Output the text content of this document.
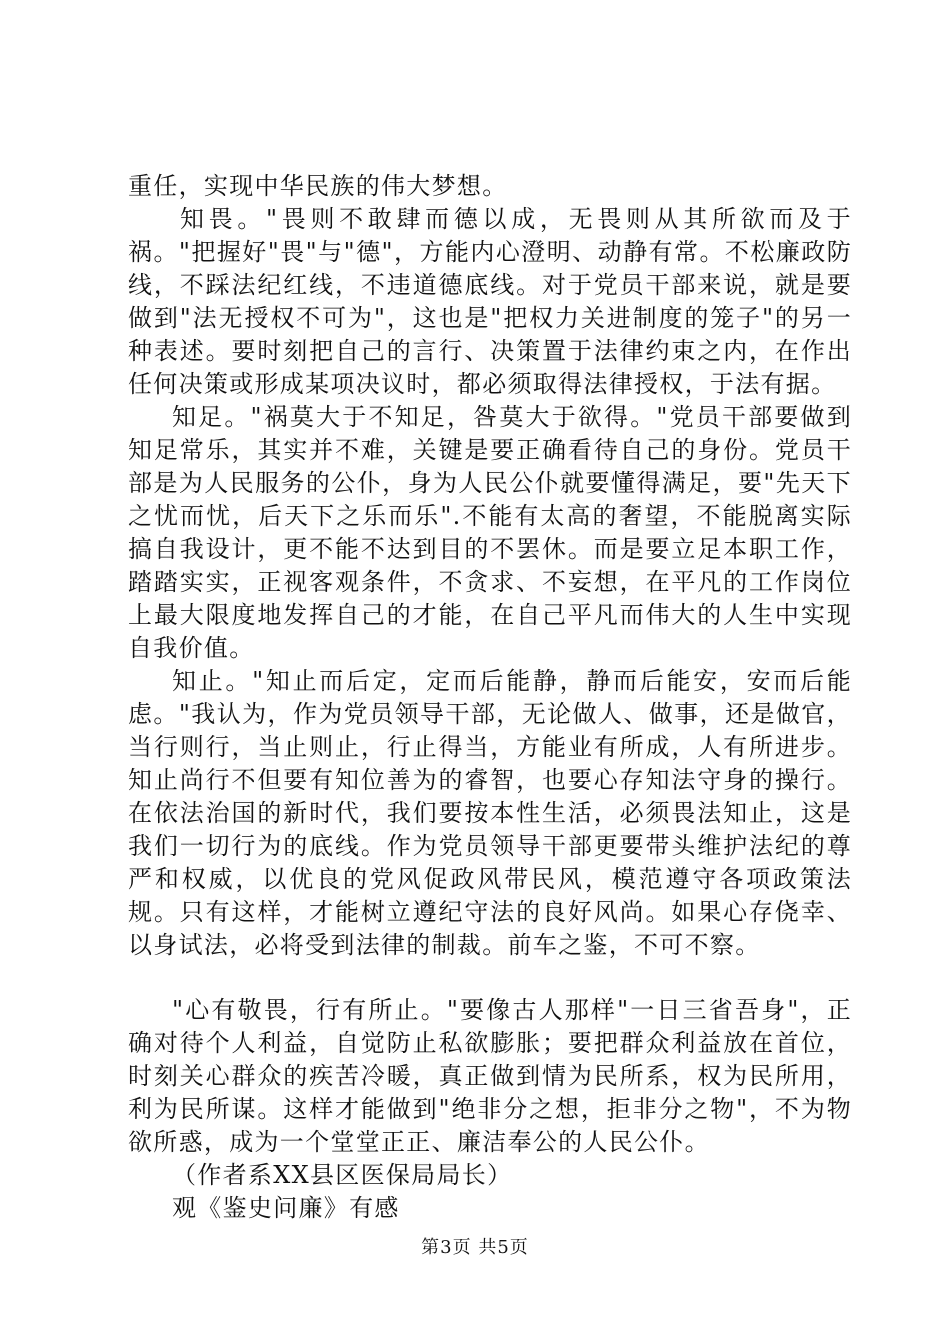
重任，实现中华民族的伟大梦想。

知畏。"畏则不敢肆而德以成，无畏则从其所欲而及于祸。"把握好"畏"与"德"，方能内心澄明、动静有常。不松廉政防线，不踩法纪红线，不违道德底线。对于党员干部来说，就是要做到"法无授权不可为"，这也是"把权力关进制度的笼子"的另一种表述。要时刻把自己的言行、决策置于法律约束之内，在作出任何决策或形成某项决议时，都必须取得法律授权，于法有据。

知足。"祸莫大于不知足，咎莫大于欲得。"党员干部要做到知足常乐，其实并不难，关键是要正确看待自己的身份。党员干部是为人民服务的公仆，身为人民公仆就要懂得满足，要"先天下之忧而忧，后天下之乐而乐".不能有太高的奢望，不能脱离实际搞自我设计，更不能不达到目的不罢休。而是要立足本职工作，踏踏实实，正视客观条件，不贪求、不妄想，在平凡的工作岗位上最大限度地发挥自己的才能，在自己平凡而伟大的人生中实现自我价值。

知止。"知止而后定，定而后能静，静而后能安，安而后能虑。"我认为，作为党员领导干部，无论做人、做事，还是做官，当行则行，当止则止，行止得当，方能业有所成，人有所进步。知止尚行不但要有知位善为的睿智，也要心存知法守身的操行。在依法治国的新时代，我们要按本性生活，必须畏法知止，这是我们一切行为的底线。作为党员领导干部更要带头维护法纪的尊严和权威，以优良的党风促政风带民风，模范遵守各项政策法规。只有这样，才能树立遵纪守法的良好风尚。如果心存侥幸、以身试法，必将受到法律的制裁。前车之鉴，不可不察。

"心有敬畏，行有所止。"要像古人那样"一日三省吾身"，正确对待个人利益，自觉防止私欲膨胀；要把群众利益放在首位，时刻关心群众的疾苦冷暖，真正做到情为民所系，权为民所用，利为民所谋。这样才能做到"绝非分之想，拒非分之物"，不为物欲所惑，成为一个堂堂正正、廉洁奉公的人民公仆。

（作者系XX县区医保局局长）

观《鉴史问廉》有感

第3页 共5页
